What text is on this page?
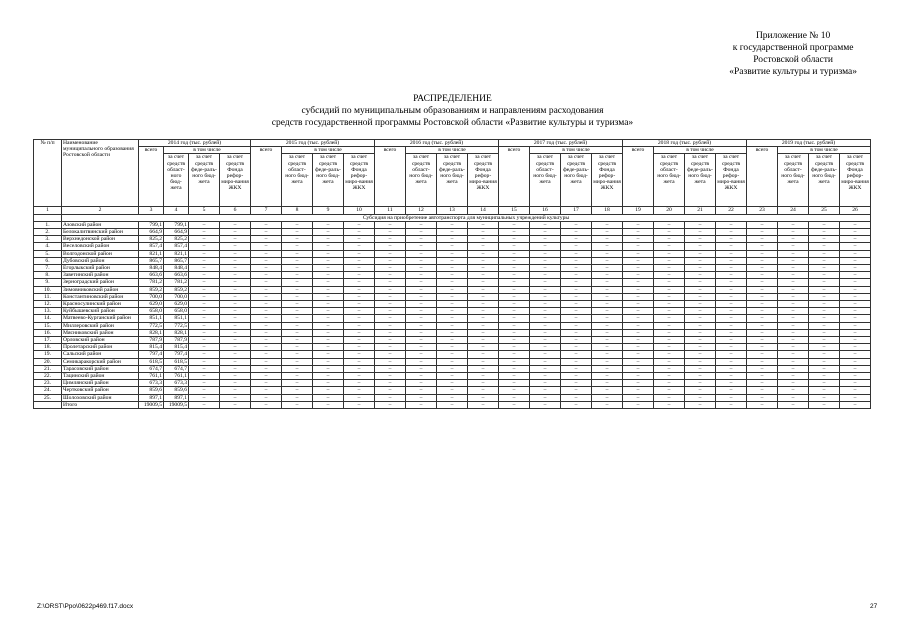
Приложение № 10
к государственной программе
Ростовской области
«Развитие культуры и туризма»
РАСПРЕДЕЛЕНИЕ
субсидий по муниципальным образованиям и направлениям расходования
средств государственной программы Ростовской области «Развитие культуры и туризма»
№ п/п	Наименование муниципального образования Ростовской области	2014 год (тыс. рублей)				2015 год (тыс. рублей)				2016 год (тыс. рублей)				2017 год (тыс. рублей)				2018 год (тыс. рублей)				2019 год (тыс. рублей)			
		всего	в том числе			всего	в том числе			всего	в том числе			всего	в том числе			всего	в том числе			всего	в том числе		
			за счет средств област-ного бюд-жета	за счет средств феде-раль-ного бюд-жета	за счет средств Фонда рефор-миро-вания ЖКХ		за счет средств област-ного бюд-жета	за счет средств феде-раль-ного бюд-жета	за счет средств Фонда рефор-миро-вания ЖКХ		за счет средств област-ного бюд-жета	за счет средств феде-раль-ного бюд-жета	за счет средств Фонда рефор-миро-вания ЖКХ		за счет средств област-ного бюд-жета	за счет средств феде-раль-ного бюд-жета	за счет средств Фонда рефор-миро-вания ЖКХ		за счет средств област-ного бюд-жета	за счет средств феде-раль-ного бюд-жета	за счет средств Фонда рефор-миро-вания ЖКХ		за счет средств област-ного бюд-жета	за счет средств феде-раль-ного бюд-жета	за счет средств Фонда рефор-миро-вания ЖКХ
1	2	3	4	5	6	7	8	9	10	11	12	13	14	15	16	17	18	19	20	21	22	23	24	25	26
	Субсидия на приобретение автотранспорта для муниципальных учреждений культуры																								
1.	Азовский район	799,1	799,1	–	–	–	–	–	–	–	–	–	–	–	–	–	–	–	–	–	–	–	–	–	–
2.	Белокалитвинский район	664,9	664,9	–	–	–	–	–	–	–	–	–	–	–	–	–	–	–	–	–	–	–	–	–	–
3.	Верхнедонской район	825,2	825,2	–	–	–	–	–	–	–	–	–	–	–	–	–	–	–	–	–	–	–	–	–	–
4.	Веселовский район	857,4	857,4	–	–	–	–	–	–	–	–	–	–	–	–	–	–	–	–	–	–	–	–	–	–
5.	Волгодонской район	821,1	821,1	–	–	–	–	–	–	–	–	–	–	–	–	–	–	–	–	–	–	–	–	–	–
6.	Дубовский район	865,7	865,7	–	–	–	–	–	–	–	–	–	–	–	–	–	–	–	–	–	–	–	–	–	–
7.	Егорлыкский район	848,4	848,4	–	–	–	–	–	–	–	–	–	–	–	–	–	–	–	–	–	–	–	–	–	–
8.	Заветинский район	663,6	663,6	–	–	–	–	–	–	–	–	–	–	–	–	–	–	–	–	–	–	–	–	–	–
9.	Зерноградский район	781,2	781,2	–	–	–	–	–	–	–	–	–	–	–	–	–	–	–	–	–	–	–	–	–	–
10.	Зимовниковский район	859,2	859,2	–	–	–	–	–	–	–	–	–	–	–	–	–	–	–	–	–	–	–	–	–	–
11.	Константиновский район	700,0	700,0	–	–	–	–	–	–	–	–	–	–	–	–	–	–	–	–	–	–	–	–	–	–
12.	Красносулинский район	629,0	629,0	–	–	–	–	–	–	–	–	–	–	–	–	–	–	–	–	–	–	–	–	–	–
13.	Куйбышевский район	658,0	658,0	–	–	–	–	–	–	–	–	–	–	–	–	–	–	–	–	–	–	–	–	–	–
14.	Матвеево-Курганский район	851,1	851,1	–	–	–	–	–	–	–	–	–	–	–	–	–	–	–	–	–	–	–	–	–	–
15.	Миллеровский район	772,5	772,5	–	–	–	–	–	–	–	–	–	–	–	–	–	–	–	–	–	–	–	–	–	–
16.	Мясниковский район	828,1	828,1	–	–	–	–	–	–	–	–	–	–	–	–	–	–	–	–	–	–	–	–	–	–
17.	Орловский район	787,9	787,9	–	–	–	–	–	–	–	–	–	–	–	–	–	–	–	–	–	–	–	–	–	–
18.	Пролетарский район	815,4	815,4	–	–	–	–	–	–	–	–	–	–	–	–	–	–	–	–	–	–	–	–	–	–
19.	Сальский район	797,4	797,4	–	–	–	–	–	–	–	–	–	–	–	–	–	–	–	–	–	–	–	–	–	–
20.	Семикаракорский район	618,5	618,5	–	–	–	–	–	–	–	–	–	–	–	–	–	–	–	–	–	–	–	–	–	–
21.	Тарасовский район	674,7	674,7	–	–	–	–	–	–	–	–	–	–	–	–	–	–	–	–	–	–	–	–	–	–
22.	Тацинский район	761,1	761,1	–	–	–	–	–	–	–	–	–	–	–	–	–	–	–	–	–	–	–	–	–	–
23.	Цимлянский район	673,3	673,3	–	–	–	–	–	–	–	–	–	–	–	–	–	–	–	–	–	–	–	–	–	–
24.	Чертковский район	859,6	859,6	–	–	–	–	–	–	–	–	–	–	–	–	–	–	–	–	–	–	–	–	–	–
25.	Шолоховский район	897,1	897,1	–	–	–	–	–	–	–	–	–	–	–	–	–	–	–	–	–	–	–	–	–	–
	Итого	19009,5	19009,5	–	–	–	–	–	–	–	–	–	–	–	–	–	–	–	–	–	–	–	–	–	–
Z:\ORST\Ppo\0622p469.f17.docx	27
